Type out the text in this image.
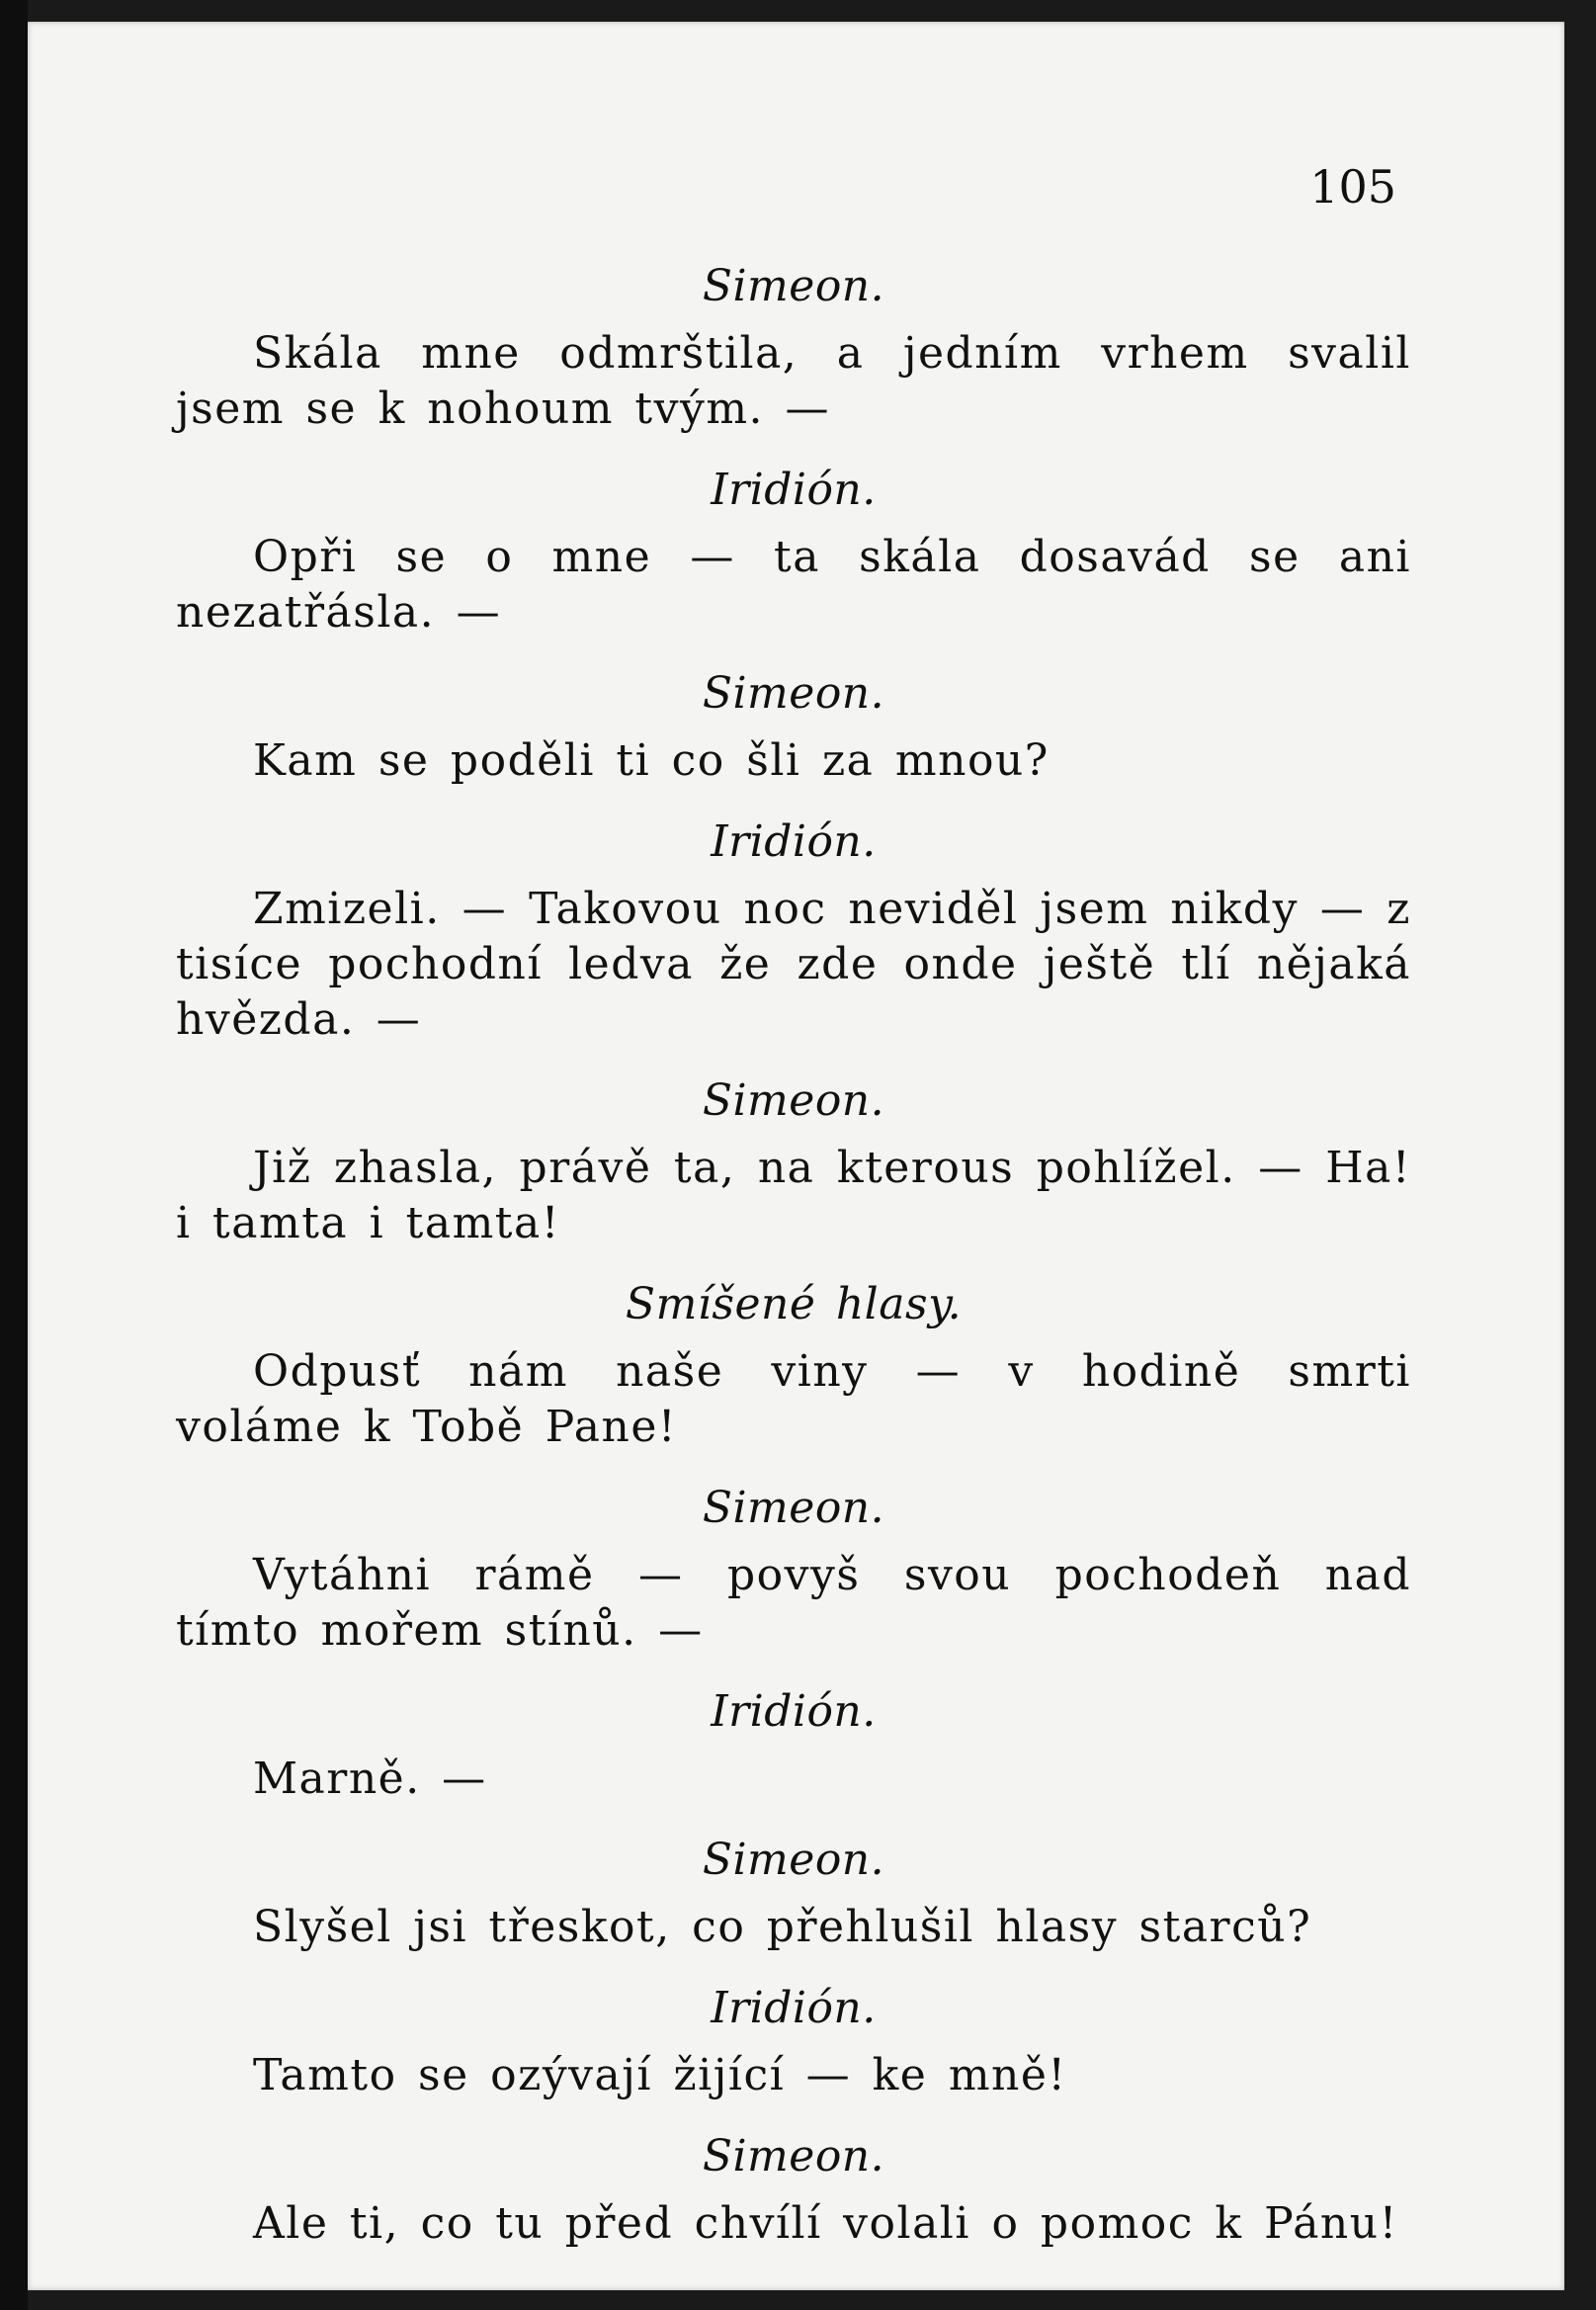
105

Simeon.

Skála mne odmrštila, a jedním vrhem svalil jsem se k nohoum tvým. —

Iridión.

Opři se o mne — ta skála dosavád se ani nezatřásla. —

Simeon.

Kam se poděli ti co šli za mnou?

Iridión.

Zmizeli. — Takovou noc neviděl jsem nikdy — z tisíce pochodní ledva že zde onde ještě tlí nějaká hvězda. —

Simeon.

Již zhasla, právě ta, na kterous pohlížel. — Ha! i tamta i tamta!

Smíšené hlasy.

Odpusť nám naše viny — v hodině smrti voláme k Tobě Pane!

Simeon.

Vytáhni rámě — povyš svou pochodeň nad tímto mořem stínů. —

Iridión.

Marně. —

Simeon.

Slyšel jsi třeskot, co přehlušil hlasy starců?

Iridión.

Tamto se ozývají žijící — ke mně!

Simeon.

Ale ti, co tu před chvílí volali o pomoc k Pánu!
